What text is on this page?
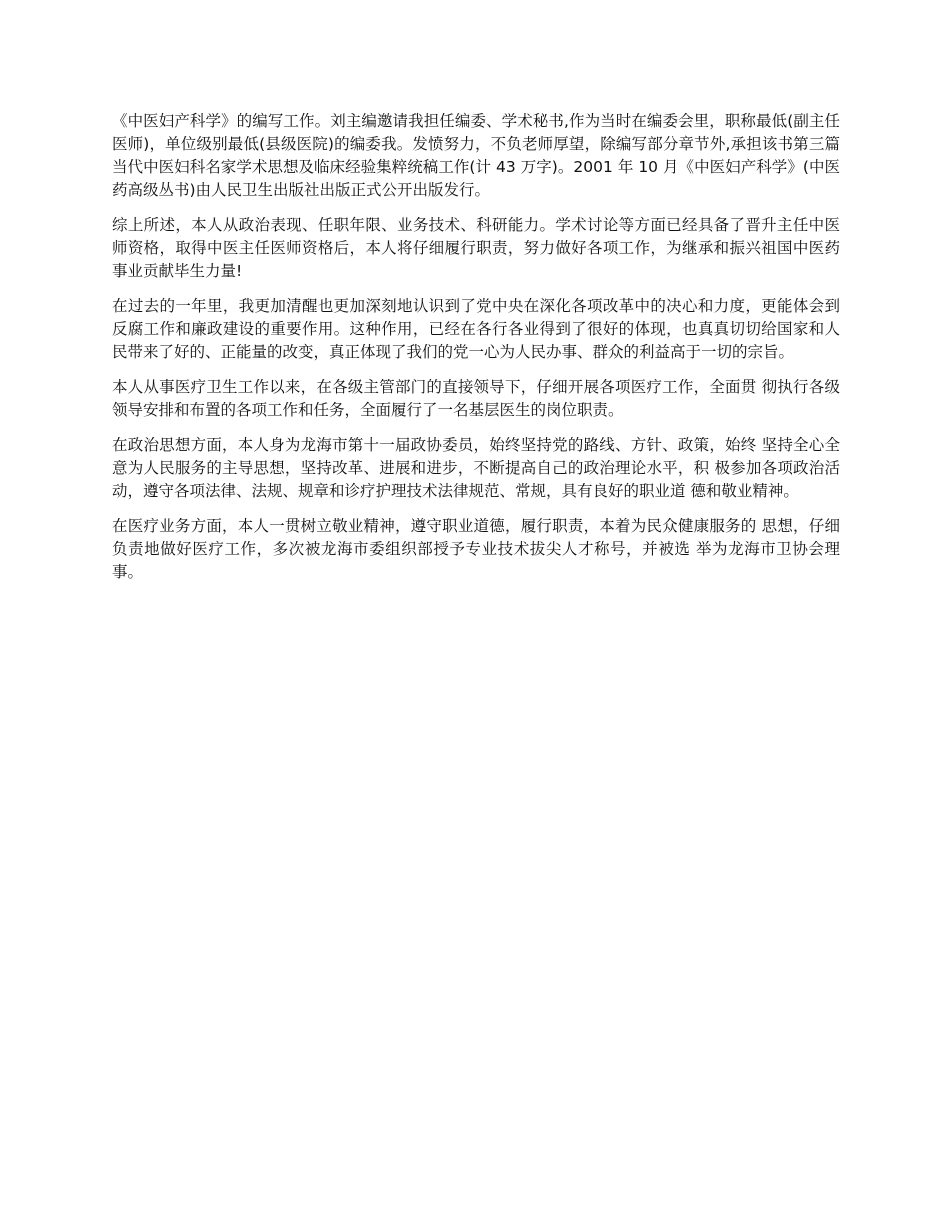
《中医妇产科学》的编写工作。刘主编邀请我担任编委、学术秘书,作为当时在编委会里，职称最低(副主任医师)，单位级别最低(县级医院)的编委我。发愤努力，不负老师厚望，除编写部分章节外,承担该书第三篇当代中医妇科名家学术思想及临床经验集粹统稿工作(计 43 万字)。2001 年 10 月《中医妇产科学》(中医药高级丛书)由人民卫生出版社出版正式公开出版发行。

综上所述，本人从政治表现、任职年限、业务技术、科研能力。学术讨论等方面已经具备了晋升主任中医师资格，取得中医主任医师资格后，本人将仔细履行职责，努力做好各项工作，为继承和振兴祖国中医药事业贡献毕生力量!

在过去的一年里，我更加清醒也更加深刻地认识到了党中央在深化各项改革中的决心和力度，更能体会到反腐工作和廉政建设的重要作用。这种作用，已经在各行各业得到了很好的体现，也真真切切给国家和人民带来了好的、正能量的改变，真正体现了我们的党一心为人民办事、群众的利益高于一切的宗旨。

本人从事医疗卫生工作以来，在各级主管部门的直接领导下，仔细开展各项医疗工作，全面贯 彻执行各级领导安排和布置的各项工作和任务，全面履行了一名基层医生的岗位职责。

在政治思想方面，本人身为龙海市第十一届政协委员，始终坚持党的路线、方针、政策，始终 坚持全心全意为人民服务的主导思想，坚持改革、进展和进步，不断提高自己的政治理论水平，积 极参加各项政治活动，遵守各项法律、法规、规章和诊疗护理技术法律规范、常规，具有良好的职业道 德和敬业精神。

在医疗业务方面，本人一贯树立敬业精神，遵守职业道德，履行职责，本着为民众健康服务的 思想，仔细负责地做好医疗工作，多次被龙海市委组织部授予专业技术拔尖人才称号，并被选 举为龙海市卫协会理事。
